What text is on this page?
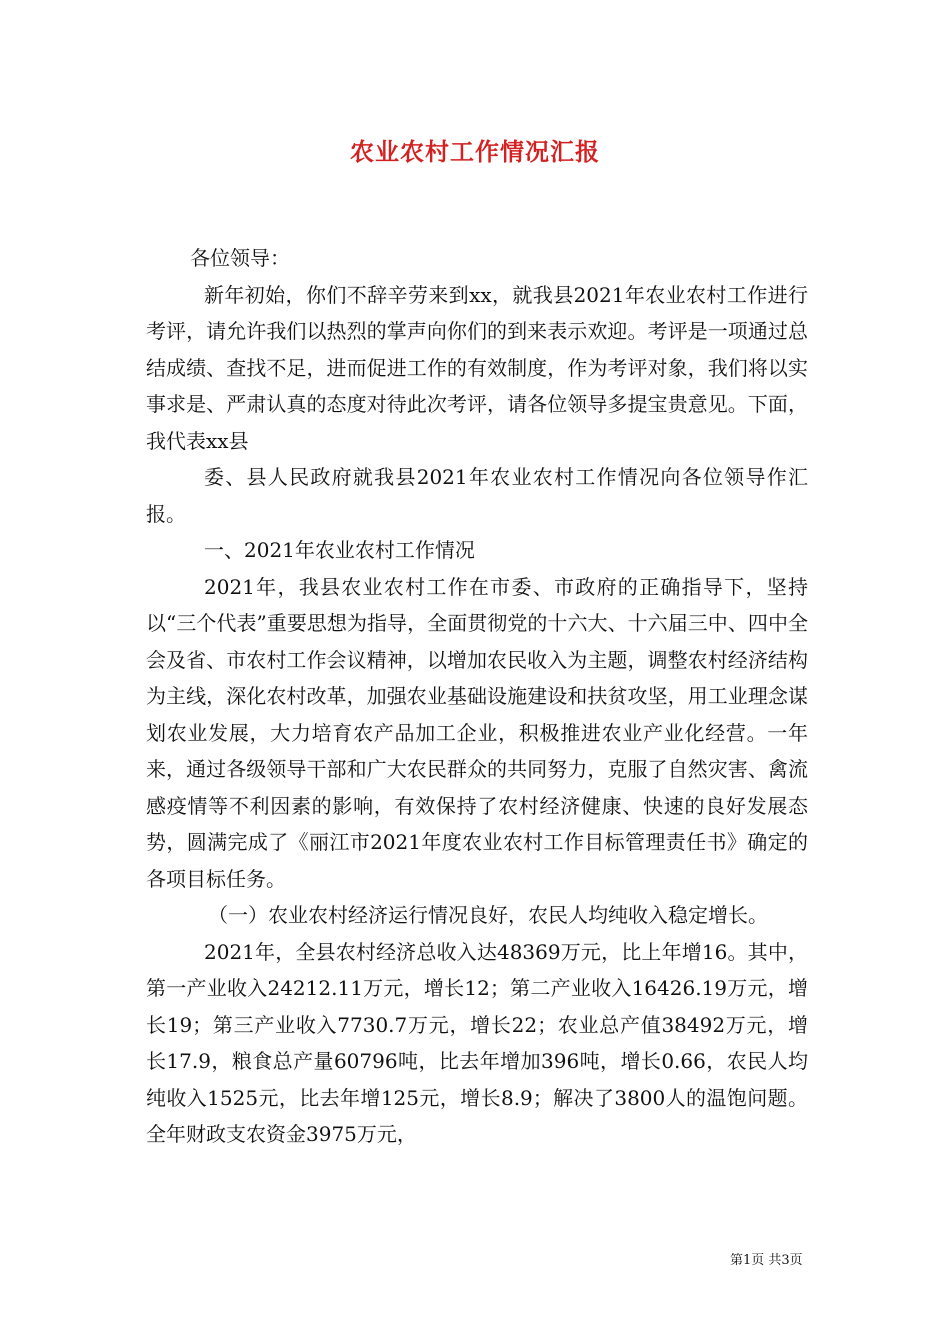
农业农村工作情况汇报

各位领导：

新年初始，你们不辞辛劳来到xx，就我县2021年农业农村工作进行考评，请允许我们以热烈的掌声向你们的到来表示欢迎。考评是一项通过总结成绩、查找不足，进而促进工作的有效制度，作为考评对象，我们将以实事求是、严肃认真的态度对待此次考评，请各位领导多提宝贵意见。下面，我代表xx县

委、县人民政府就我县2021年农业农村工作情况向各位领导作汇报。

一、2021年农业农村工作情况

2021年，我县农业农村工作在市委、市政府的正确指导下，坚持以“三个代表”重要思想为指导，全面贯彻党的十六大、十六届三中、四中全会及省、市农村工作会议精神，以增加农民收入为主题，调整农村经济结构为主线，深化农村改革，加强农业基础设施建设和扶贫攻坚，用工业理念谋划农业发展，大力培育农产品加工企业，积极推进农业产业化经营。一年来，通过各级领导干部和广大农民群众的共同努力，克服了自然灾害、禽流感疫情等不利因素的影响，有效保持了农村经济健康、快速的良好发展态势，圆满完成了《丽江市2021年度农业农村工作目标管理责任书》确定的各项目标任务。

（一）农业农村经济运行情况良好，农民人均纯收入稳定增长。

2021年，全县农村经济总收入达48369万元，比上年增16。其中，第一产业收入24212.11万元，增长12；第二产业收入16426.19万元，增长19；第三产业收入7730.7万元，增长22；农业总产值38492万元，增长17.9，粮食总产量60796吨，比去年增加396吨，增长0.66，农民人均纯收入1525元，比去年增125元，增长8.9；解决了3800人的温饱问题。全年财政支农资金3975万元，

第1页 共3页
